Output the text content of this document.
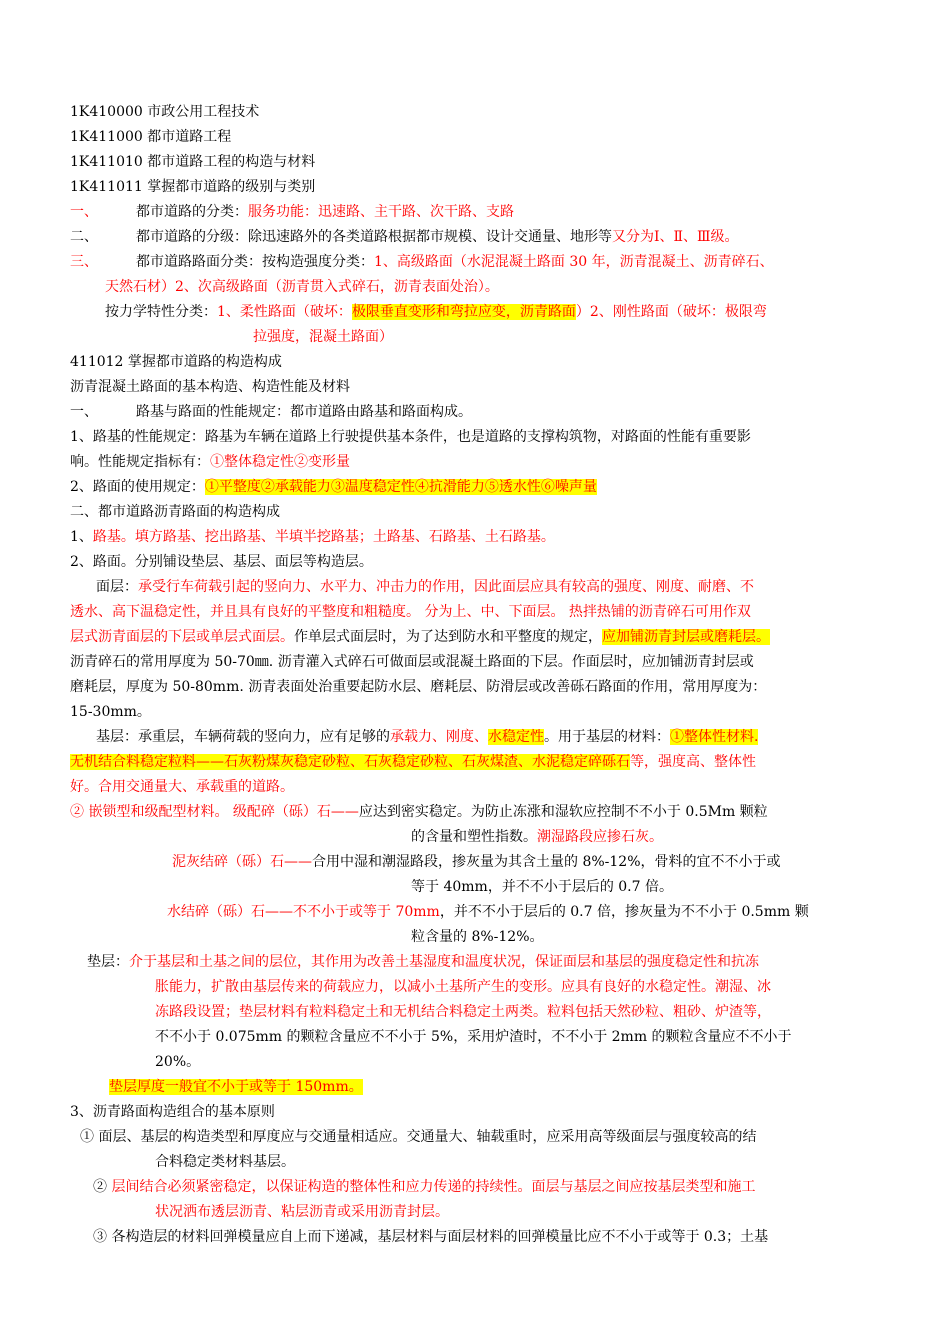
1K410000 市政公用工程技术
1K411000 都市道路工程
1K411010 都市道路工程的构造与材料
1K411011 掌握都市道路的级别与类别
一、	都市道路的分类：服务功能：迅速路、主干路、次干路、支路
二、	都市道路的分级：除迅速路外的各类道路根据都市规模、设计交通量、地形等又分为Ⅰ、Ⅱ、Ⅲ级。
三、	都市道路路面分类：按构造强度分类：1、高级路面（水泥混凝土路面 30 年，沥青混凝土、沥青碎石、
天然石材）2、次高级路面（沥青贯入式碎石，沥青表面处治）。
按力学特性分类：1、柔性路面（破坏：极限垂直变形和弯拉应变，沥青路面）2、刚性路面（破坏：极限弯
拉强度，混凝土路面）
411012 掌握都市道路的构造构成
沥青混凝土路面的基本构造、构造性能及材料
一、	路基与路面的性能规定：都市道路由路基和路面构成。
1、路基的性能规定：路基为车辆在道路上行驶提供基本条件，也是道路的支撑构筑物，对路面的性能有重要影
响。性能规定指标有：①整体稳定性②变形量
2、路面的使用规定：①平整度②承载能力③温度稳定性④抗滑能力⑤透水性⑥噪声量
二、都市道路沥青路面的构造构成
1、路基。填方路基、挖出路基、半填半挖路基；土路基、石路基、土石路基。
2、路面。分别铺设垫层、基层、面层等构造层。
面层：承受行车荷载引起的竖向力、水平力、冲击力的作用，因此面层应具有较高的强度、刚度、耐磨、不
透水、高下温稳定性，并且具有良好的平整度和粗糙度。 分为上、中、下面层。 热拌热铺的沥青碎石可用作双
层式沥青面层的下层或单层式面层。作单层式面层时，为了达到防水和平整度的规定，应加铺沥青封层或磨耗层。
沥青碎石的常用厚度为 50-70㎜. 沥青灌入式碎石可做面层或混凝土路面的下层。作面层时，应加铺沥青封层或
磨耗层，厚度为 50-80mm. 沥青表面处治重要起防水层、磨耗层、防滑层或改善砾石路面的作用，常用厚度为：
15-30mm。
基层：承重层，车辆荷载的竖向力，应有足够的承载力、刚度、水稳定性。用于基层的材料：①整体性材料.
无机结合料稳定粒料——石灰粉煤灰稳定砂粒、石灰稳定砂粒、石灰煤渣、水泥稳定碎砾石等，强度高、整体性
好。合用交通量大、承载重的道路。
② 嵌锁型和级配型材料。 级配碎（砾）石——应达到密实稳定。为防止冻涨和湿软应控制不不小于 0.5Mm 颗粒
的含量和塑性指数。潮湿路段应掺石灰。
泥灰结碎（砾）石——合用中湿和潮湿路段，掺灰量为其含土量的 8%-12%，骨料的宜不不小于或
等于 40mm，并不不小于层后的 0.7 倍。
水结碎（砾）石——不不小于或等于 70mm，并不不小于层后的 0.7 倍，掺灰量为不不小于 0.5mm 颗
粒含量的 8%-12%。
垫层：介于基层和土基之间的层位，其作用为改善土基湿度和温度状况，保证面层和基层的强度稳定性和抗冻
胀能力，扩散由基层传来的荷载应力，以减小土基所产生的变形。应具有良好的水稳定性。潮湿、冰
冻路段设置；垫层材料有粒料稳定土和无机结合料稳定土两类。粒料包括天然砂粒、粗砂、炉渣等，
不不小于 0.075mm 的颗粒含量应不不小于 5%，采用炉渣时，不不小于 2mm 的颗粒含量应不不小于
20%。
垫层厚度一般宜不小于或等于 150mm。
3、沥青路面构造组合的基本原则
① 面层、基层的构造类型和厚度应与交通量相适应。交通量大、轴载重时，应采用高等级面层与强度较高的结
合料稳定类材料基层。
② 层间结合必须紧密稳定，以保证构造的整体性和应力传递的持续性。面层与基层之间应按基层类型和施工
状况洒布透层沥青、粘层沥青或采用沥青封层。
③ 各构造层的材料回弹模量应自上而下递减，基层材料与面层材料的回弹模量比应不不小于或等于 0.3；土基
